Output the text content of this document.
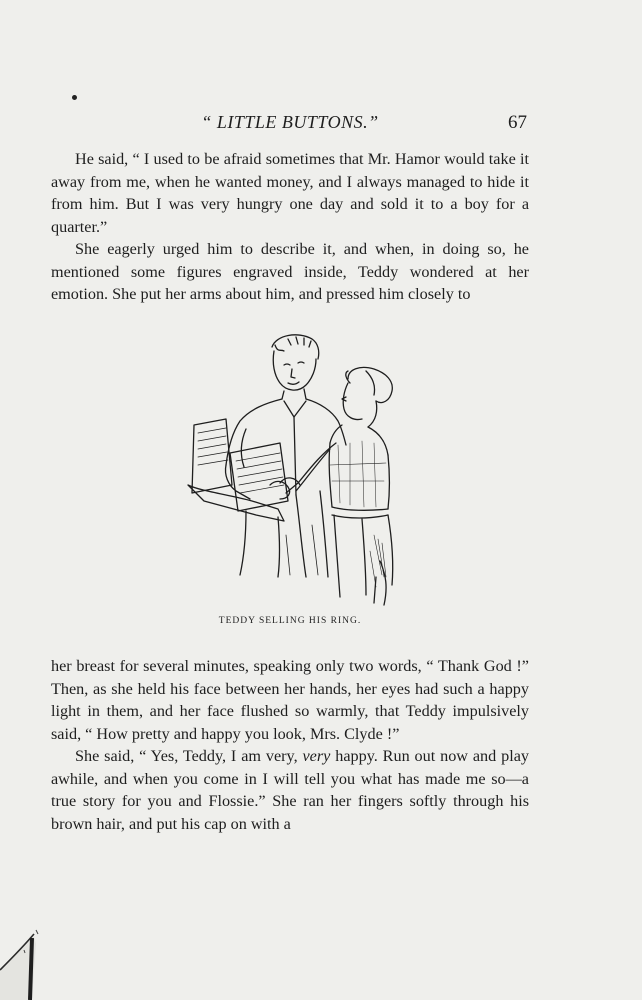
“ LITTLE BUTTONS.”	67

He said, “ I used to be afraid sometimes that Mr. Hamor would take it away from me, when he wanted money, and I always managed to hide it from him. But I was very hungry one day and sold it to a boy for a quarter.”

She eagerly urged him to describe it, and when, in doing so, he mentioned some figures engraved inside, Teddy wondered at her emotion. She put her arms about him, and pressed him closely to

TEDDY SELLING HIS RING.

her breast for several minutes, speaking only two words, “ Thank God !” Then, as she held his face between her hands, her eyes had such a happy light in them, and her face flushed so warmly, that Teddy impulsively said, “ How pretty and happy you look, Mrs. Clyde !”

She said, “ Yes, Teddy, I am very, very happy. Run out now and play awhile, and when you come in I will tell you what has made me so—a true story for you and Flossie.” She ran her fingers softly through his brown hair, and put his cap on with a
